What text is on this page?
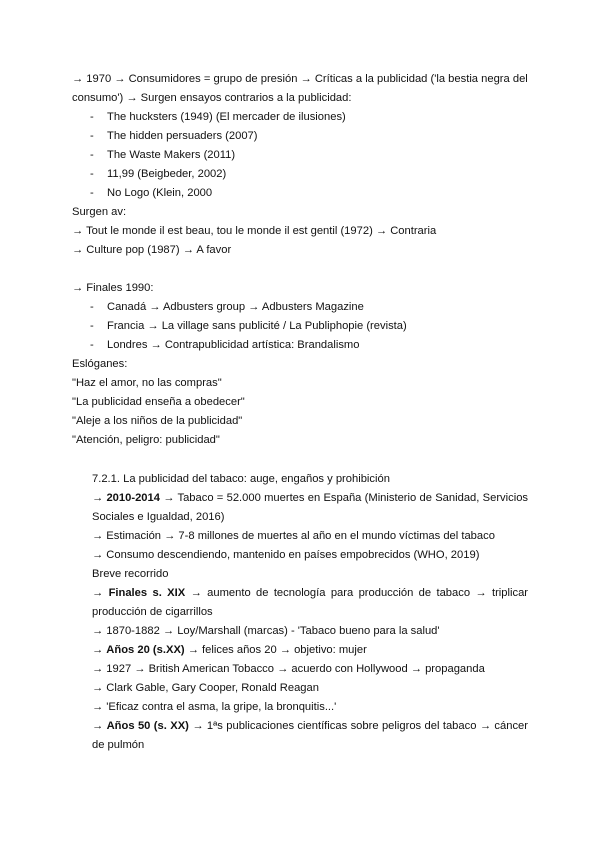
→ 1970 → Consumidores = grupo de presión → Críticas a la publicidad ('la bestia negra del
consumo') → Surgen ensayos contrarios a la publicidad:
- The hucksters (1949) (El mercader de ilusiones)
- The hidden persuaders (2007)
- The Waste Makers (2011)
- 11,99 (Beigbeder, 2002)
- No Logo (Klein, 2000
Surgen av:
→ Tout le monde il est beau, tou le monde il est gentil (1972) → Contraria
→ Culture pop (1987) → A favor
→ Finales 1990:
- Canadá → Adbusters group → Adbusters Magazine
- Francia → La village sans publicité / La Publiphopie (revista)
- Londres → Contrapublicidad artística: Brandalismo
Eslóganes:
"Haz el amor, no las compras"
"La publicidad enseña a obedecer"
"Aleje a los niños de la publicidad"
"Atención, peligro: publicidad"
7.2.1. La publicidad del tabaco: auge, engaños y prohibición
→ 2010-2014 → Tabaco = 52.000 muertes en España (Ministerio de Sanidad, Servicios
Sociales e Igualdad, 2016)
→ Estimación → 7-8 millones de muertes al año en el mundo víctimas del tabaco
→ Consumo descendiendo, mantenido en países empobrecidos (WHO, 2019)
Breve recorrido
→ Finales s. XIX → aumento de tecnología para producción de tabaco → triplicar
producción de cigarrillos
→ 1870-1882 → Loy/Marshall (marcas) - 'Tabaco bueno para la salud'
→ Años 20 (s.XX) → felices años 20 → objetivo: mujer
→ 1927 → British American Tobacco → acuerdo con Hollywood → propaganda
→ Clark Gable, Gary Cooper, Ronald Reagan
→ 'Eficaz contra el asma, la gripe, la bronquitis...'
→ Años 50 (s. XX) → 1ªs publicaciones científicas sobre peligros del tabaco → cáncer
de pulmón
